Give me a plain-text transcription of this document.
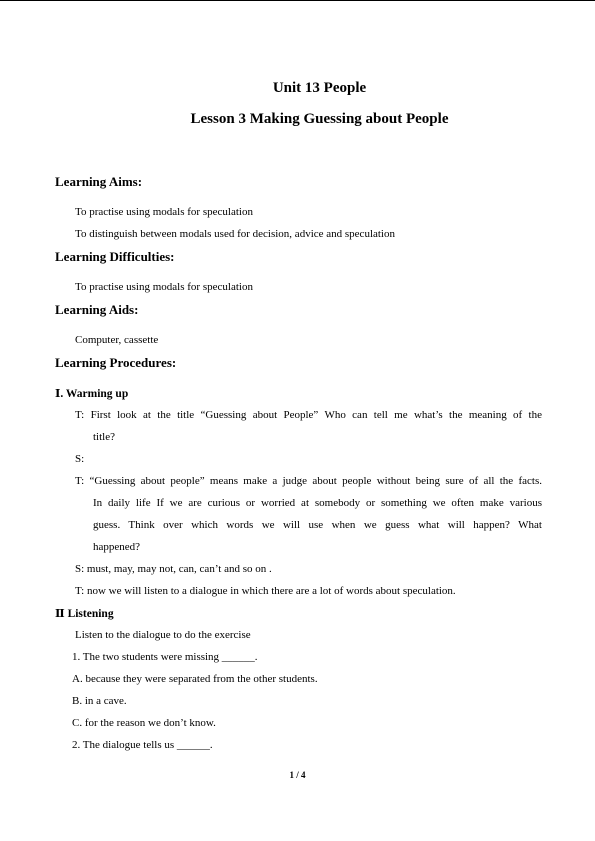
Unit 13 People
Lesson 3 Making Guessing about People
Learning Aims:
To practise using modals for speculation
To distinguish between modals used for decision, advice and speculation
Learning Difficulties:
To practise using modals for speculation
Learning Aids:
Computer, cassette
Learning Procedures:
Ⅰ. Warming up
T: First look at the title “Guessing about People” Who can tell me what’s the meaning of the
title?
S:
T: “Guessing about people” means make a judge about people without being sure of all the facts.
In daily life If we are curious or worried at somebody or something we often make various
guess. Think over which words we will use when we guess what will happen? What
happened?
S: must, may, may not, can, can’t and so on .
T: now we will listen to a dialogue in which there are a lot of words about speculation.
Ⅱ Listening
Listen to the dialogue to do the exercise
1. The two students were missing ______.
A. because they were separated from the other students.
B. in a cave.
C. for the reason we don’t know.
2. The dialogue tells us ______.
1 / 4
